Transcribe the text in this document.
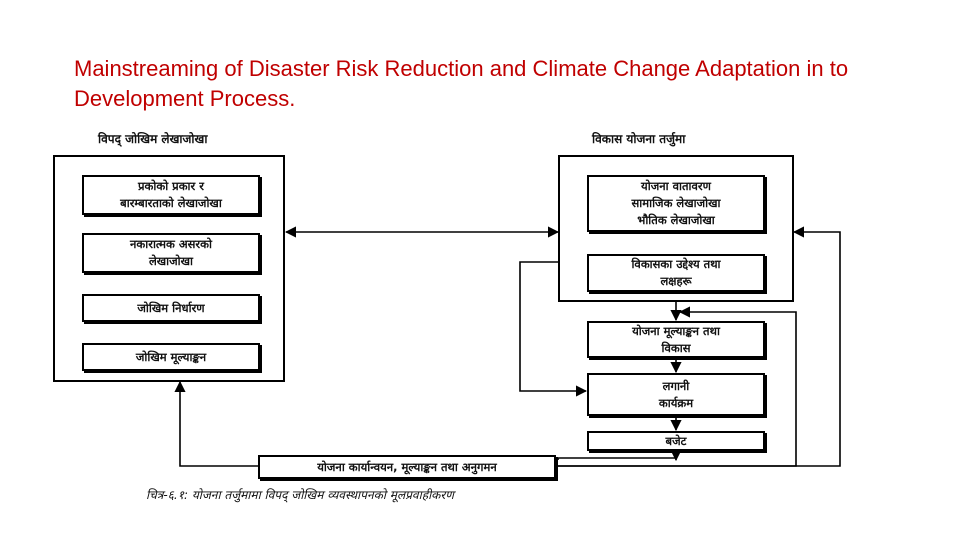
Mainstreaming of Disaster Risk Reduction and Climate Change Adaptation in to Development Process.
विपद् जोखिम लेखाजोखा
प्रकोको प्रकार र
बारम्बारताको लेखाजोखा
नकारात्मक असरको
लेखाजोखा
जोखिम निर्धारण
जोखिम मूल्याङ्कन
विकास योजना तर्जुमा
योजना वातावरण
सामाजिक लेखाजोखा
भौतिक लेखाजोखा
विकासका उद्देश्य तथा
लक्षहरू
योजना मूल्याङ्कन तथा
विकास
लगानी
कार्यक्रम
बजेट
योजना कार्यान्वयन, मूल्याङ्कन तथा अनुगमन
चित्र-६.१: योजना तर्जुमामा विपद् जोखिम व्यवस्थापनको मूलप्रवाहीकरण
